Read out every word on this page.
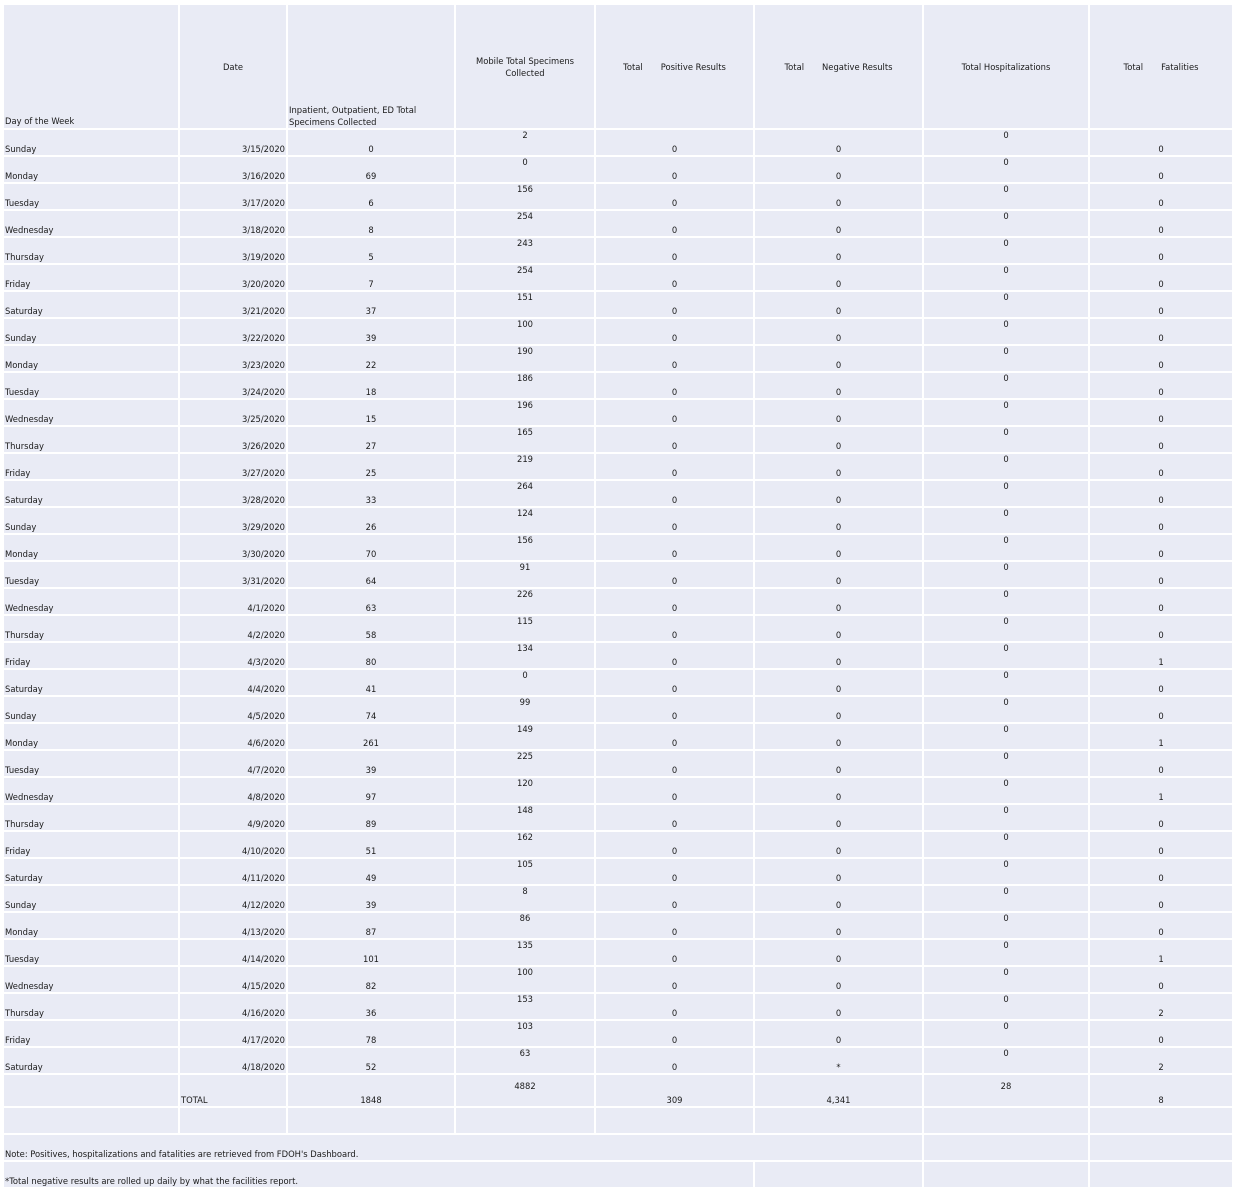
Day of the Week	Date	Inpatient, Outpatient, ED Total Specimens Collected	Mobile Total Specimens Collected	Total Positive Results	Total Negative Results	Total Hospitalizations	Total Fatalities

Sunday	3/15/2020	0	2	0	0	0	0
Monday	3/16/2020	69	0	0	0	0	0
Tuesday	3/17/2020	6	156	0	0	0	0
Wednesday	3/18/2020	8	254	0	0	0	0
Thursday	3/19/2020	5	243	0	0	0	0
Friday	3/20/2020	7	254	0	0	0	0
Saturday	3/21/2020	37	151	0	0	0	0
Sunday	3/22/2020	39	100	0	0	0	0
Monday	3/23/2020	22	190	0	0	0	0
Tuesday	3/24/2020	18	186	0	0	0	0
Wednesday	3/25/2020	15	196	0	0	0	0
Thursday	3/26/2020	27	165	0	0	0	0
Friday	3/27/2020	25	219	0	0	0	0
Saturday	3/28/2020	33	264	0	0	0	0
Sunday	3/29/2020	26	124	0	0	0	0
Monday	3/30/2020	70	156	0	0	0	0
Tuesday	3/31/2020	64	91	0	0	0	0
Wednesday	4/1/2020	63	226	0	0	0	0
Thursday	4/2/2020	58	115	0	0	0	0
Friday	4/3/2020	80	134	0	0	0	1
Saturday	4/4/2020	41	0	0	0	0	0
Sunday	4/5/2020	74	99	0	0	0	0
Monday	4/6/2020	261	149	0	0	0	1
Tuesday	4/7/2020	39	225	0	0	0	0
Wednesday	4/8/2020	97	120	0	0	0	1
Thursday	4/9/2020	89	148	0	0	0	0
Friday	4/10/2020	51	162	0	0	0	0
Saturday	4/11/2020	49	105	0	0	0	0
Sunday	4/12/2020	39	8	0	0	0	0
Monday	4/13/2020	87	86	0	0	0	0
Tuesday	4/14/2020	101	135	0	0	0	1
Wednesday	4/15/2020	82	100	0	0	0	0
Thursday	4/16/2020	36	153	0	0	0	2
Friday	4/17/2020	78	103	0	0	0	0
Saturday	4/18/2020	52	63	0	*	0	2
	TOTAL	1848	4882	309	4,341	28	8

Note: Positives, hospitalizations and fatalities are retrieved from FDOH's Dashboard.							
*Total negative results are rolled up daily by what the facilities report.							
